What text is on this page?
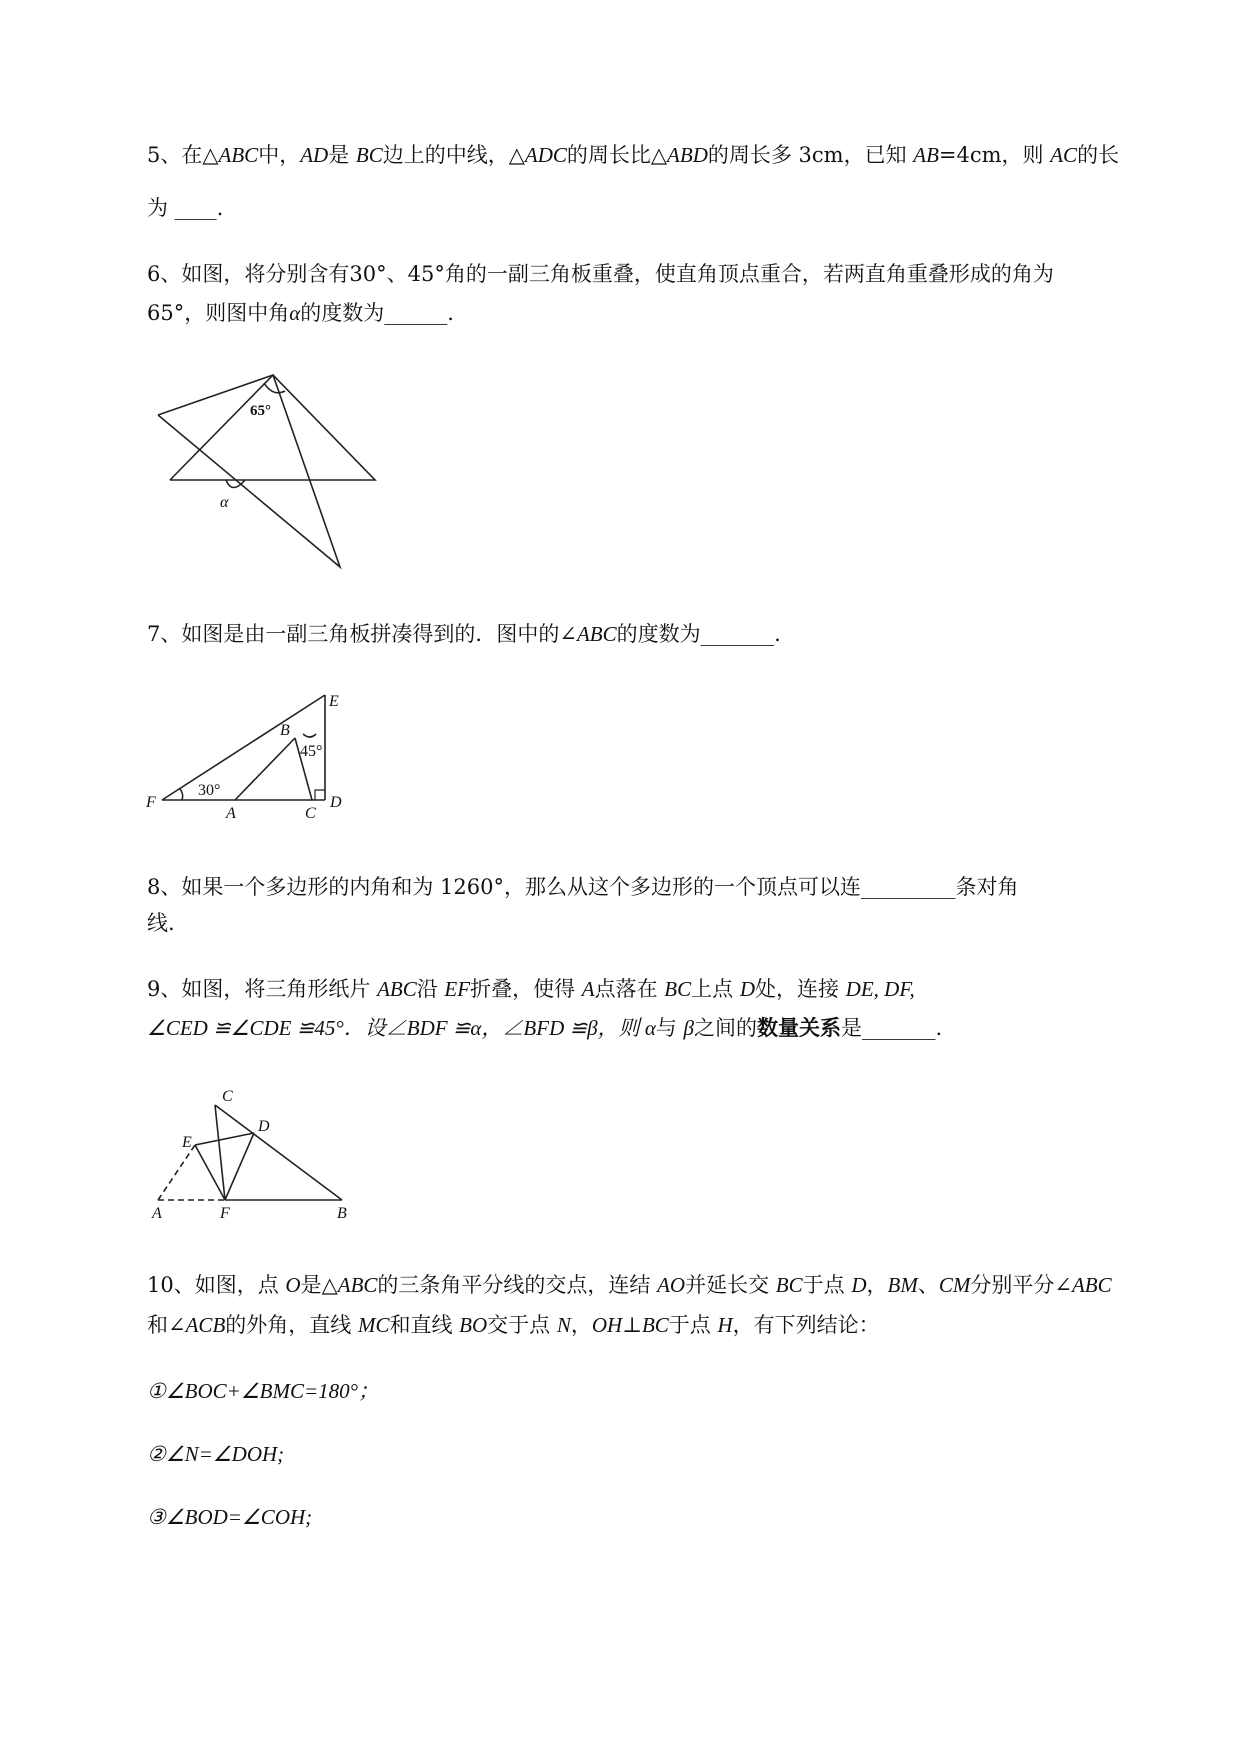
5、在△ABC中，AD是 BC边上的中线，△ADC的周长比△ABD的周长多 3cm，已知 AB=4cm，则 AC的长
为 ____.
6、如图，将分别含有30°、45°角的一副三角板重叠，使直角顶点重合，若两直角重叠形成的角为
65°，则图中角α的度数为______.
65°
α
7、如图是由一副三角板拼凑得到的．图中的∠ABC的度数为_______.
E
B
45°
30°
F
A	C
D
8、如果一个多边形的内角和为 1260°，那么从这个多边形的一个顶点可以连_________条对角
线.
9、如图，将三角形纸片 ABC沿 EF折叠，使得 A点落在 BC上点 D处，连接 DE, DF,
∠CED ≌∠CDE ≌45°．设∠BDF ≌α，∠BFD ≌β，则 α与 β之间的数量关系是_______.
C
E
D
A	F	B
10、如图，点 O是△ABC的三条角平分线的交点，连结 AO并延长交 BC于点 D，BM、CM分别平分∠ABC
和∠ACB的外角，直线 MC和直线 BO交于点 N，OH⊥BC于点 H，有下列结论：
①∠BOC+∠BMC=180°；
②∠N=∠DOH;
③∠BOD=∠COH;
